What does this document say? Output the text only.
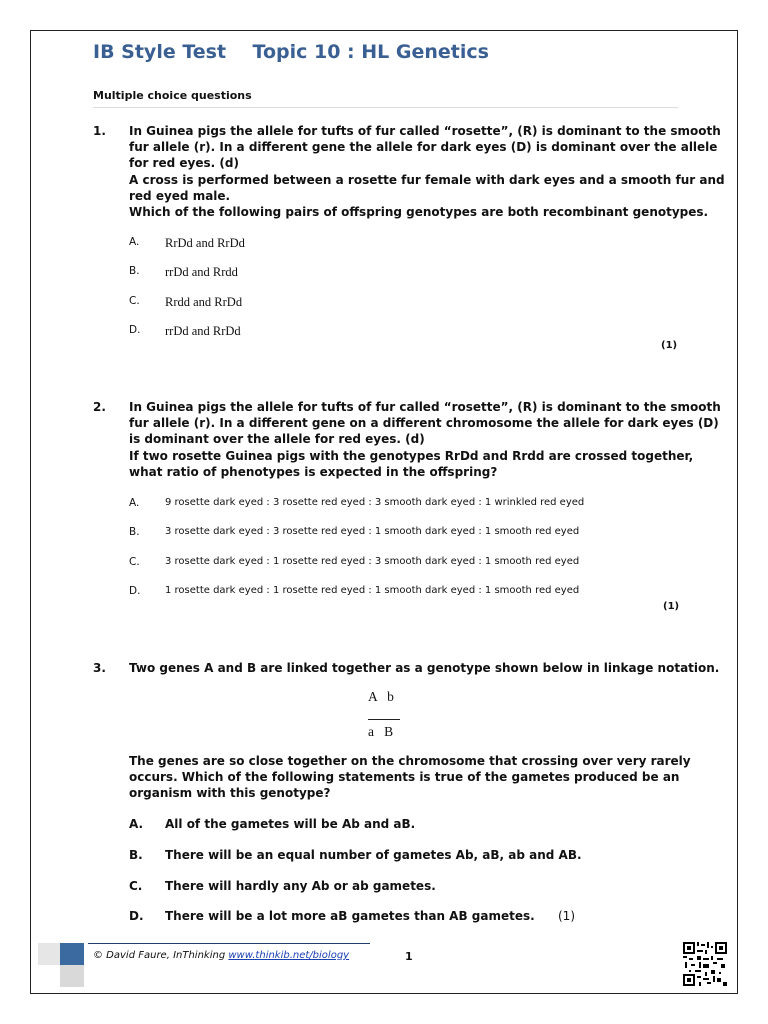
IB Style Test    Topic 10 : HL Genetics
Multiple choice questions
1. In Guinea pigs the allele for tufts of fur called “rosette”, (R) is dominant to the smooth
fur allele (r). In a different gene the allele for dark eyes (D) is dominant over the allele
for red eyes. (d)
A cross is performed between a rosette fur female with dark eyes and a smooth fur and
red eyed male.
Which of the following pairs of offspring genotypes are both recombinant genotypes.
A. RrDd and RrDd
B. rrDd and Rrdd
C. Rrdd and RrDd
D. rrDd and RrDd
(1)
2. In Guinea pigs the allele for tufts of fur called “rosette”, (R) is dominant to the smooth
fur allele (r). In a different gene on a different chromosome the allele for dark eyes (D)
is dominant over the allele for red eyes. (d)
If two rosette Guinea pigs with the genotypes RrDd and Rrdd are crossed together,
what ratio of phenotypes is expected in the offspring?
A.	9 rosette dark eyed : 3 rosette red eyed : 3 smooth dark eyed : 1 wrinkled red eyed
B.	3 rosette dark eyed : 3 rosette red eyed : 1 smooth dark eyed : 1 smooth red eyed
C.	3 rosette dark eyed : 1 rosette red eyed : 3 smooth dark eyed : 1 smooth red eyed
D. 1 rosette dark eyed : 1 rosette red eyed : 1 smooth dark eyed : 1 smooth red eyed
(1)
3. Two genes A and B are linked together as a genotype shown below in linkage notation.
A   b
a   B
The genes are so close together on the chromosome that crossing over very rarely
occurs. Which of the following statements is true of the gametes produced be an
organism with this genotype?
A. All of the gametes will be Ab and aB.
B. There will be an equal number of gametes Ab, aB, ab and AB.
C. There will hardly any Ab or ab gametes.
D. There will be a lot more aB gametes than AB gametes. (1)
© David Faure, InThinking www.thinkib.net/biology	1
